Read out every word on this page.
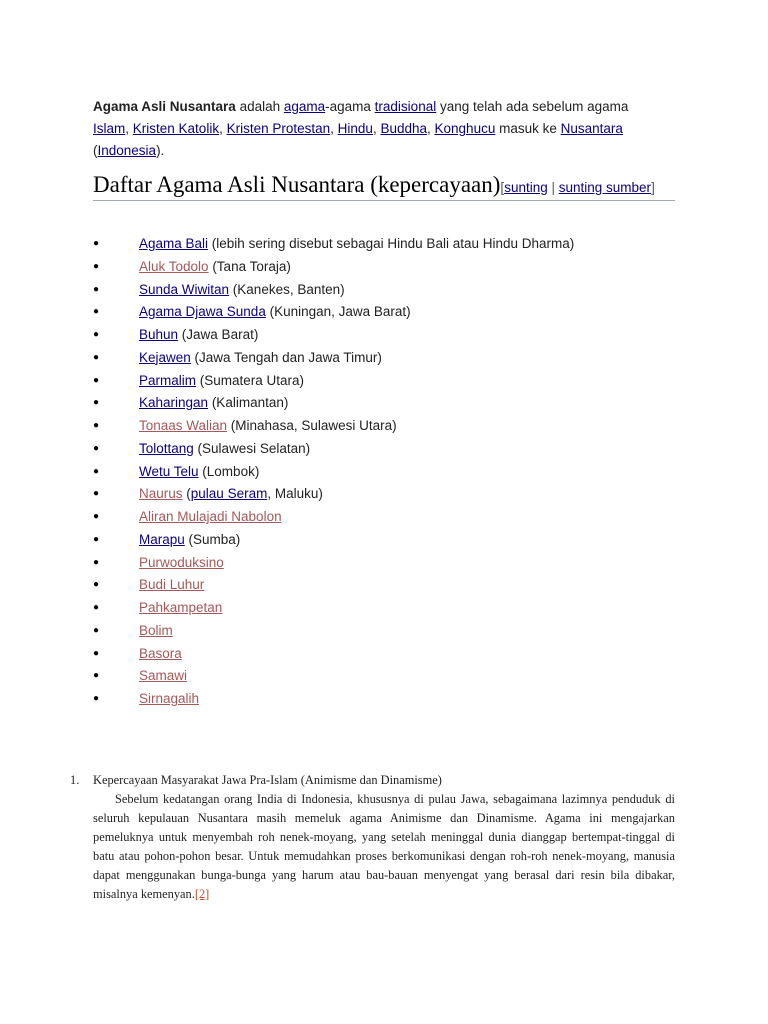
Agama Asli Nusantara adalah agama-agama tradisional yang telah ada sebelum agama Islam, Kristen Katolik, Kristen Protestan, Hindu, Buddha, Konghucu masuk ke Nusantara (Indonesia).
Daftar Agama Asli Nusantara (kepercayaan)[sunting | sunting sumber]
●	Agama Bali (lebih sering disebut sebagai Hindu Bali atau Hindu Dharma)
●	Aluk Todolo (Tana Toraja)
●	Sunda Wiwitan (Kanekes, Banten)
●	Agama Djawa Sunda (Kuningan, Jawa Barat)
●	Buhun (Jawa Barat)
●	Kejawen (Jawa Tengah dan Jawa Timur)
●	Parmalim (Sumatera Utara)
●	Kaharingan (Kalimantan)
●	Tonaas Walian (Minahasa, Sulawesi Utara)
●	Tolottang (Sulawesi Selatan)
●	Wetu Telu (Lombok)
●	Naurus (pulau Seram, Maluku)
●	Aliran Mulajadi Nabolon
●	Marapu (Sumba)
●	Purwoduksino
●	Budi Luhur
●	Pahkampetan
●	Bolim
●	Basora
●	Samawi
●	Sirnagalih
1. Kepercayaan Masyarakat Jawa Pra-Islam (Animisme dan Dinamisme)
Sebelum kedatangan orang India di Indonesia, khususnya di pulau Jawa, sebagaimana lazimnya penduduk di seluruh kepulauan Nusantara masih memeluk agama Animisme dan Dinamisme. Agama ini mengajarkan pemeluknya untuk menyembah roh nenek-moyang, yang setelah meninggal dunia dianggap bertempat-tinggal di batu atau pohon-pohon besar. Untuk memudahkan proses berkomunikasi dengan roh-roh nenek-moyang, manusia dapat menggunakan bunga-bunga yang harum atau bau-bauan menyengat yang berasal dari resin bila dibakar, misalnya kemenyan.[2]
